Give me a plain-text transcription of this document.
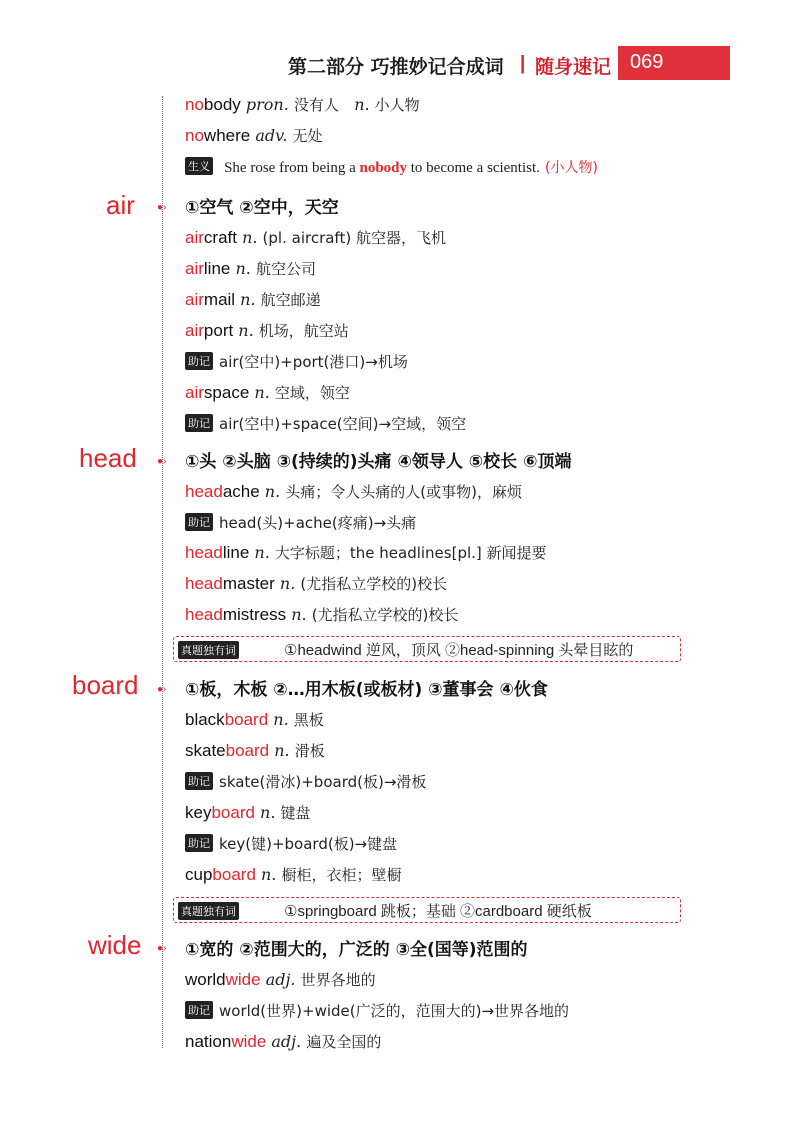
第二部分 巧推妙记合成词 | 随身速记 069
nobody pron. 没有人 n. 小人物
nowhere adv. 无处
生义 She rose from being a nobody to become a scientist. (小人物)
air ●› ①空气 ②空中，天空
aircraft n. (pl. aircraft) 航空器，飞机
airline n. 航空公司
airmail n. 航空邮递
airport n. 机场，航空站
助记 air(空中)+port(港口)→机场
airspace n. 空域，领空
助记 air(空中)+space(空间)→空域，领空
head ●› ①头 ②头脑 ③(持续的)头痛 ④领导人 ⑤校长 ⑥顶端
headache n. 头痛；令人头痛的人(或事物)，麻烦
助记 head(头)+ache(疼痛)→头痛
headline n. 大字标题；the headlines[pl.] 新闻提要
headmaster n. (尤指私立学校的)校长
headmistress n. (尤指私立学校的)校长
真题独有词	①headwind 逆风，顶风 ②head-spinning 头晕目眩的
board ●› ①板，木板 ②…用木板(或板材) ③董事会 ④伙食
blackboard n. 黑板
skateboard n. 滑板
助记 skate(滑冰)+board(板)→滑板
keyboard n. 键盘
助记 key(键)+board(板)→键盘
cupboard n. 橱柜，衣柜；壁橱
真题独有词	①springboard 跳板；基础 ②cardboard 硬纸板
wide ●› ①宽的 ②范围大的，广泛的 ③全(国等)范围的
worldwide adj. 世界各地的
助记 world(世界)+wide(广泛的，范围大的)→世界各地的
nationwide adj. 遍及全国的
